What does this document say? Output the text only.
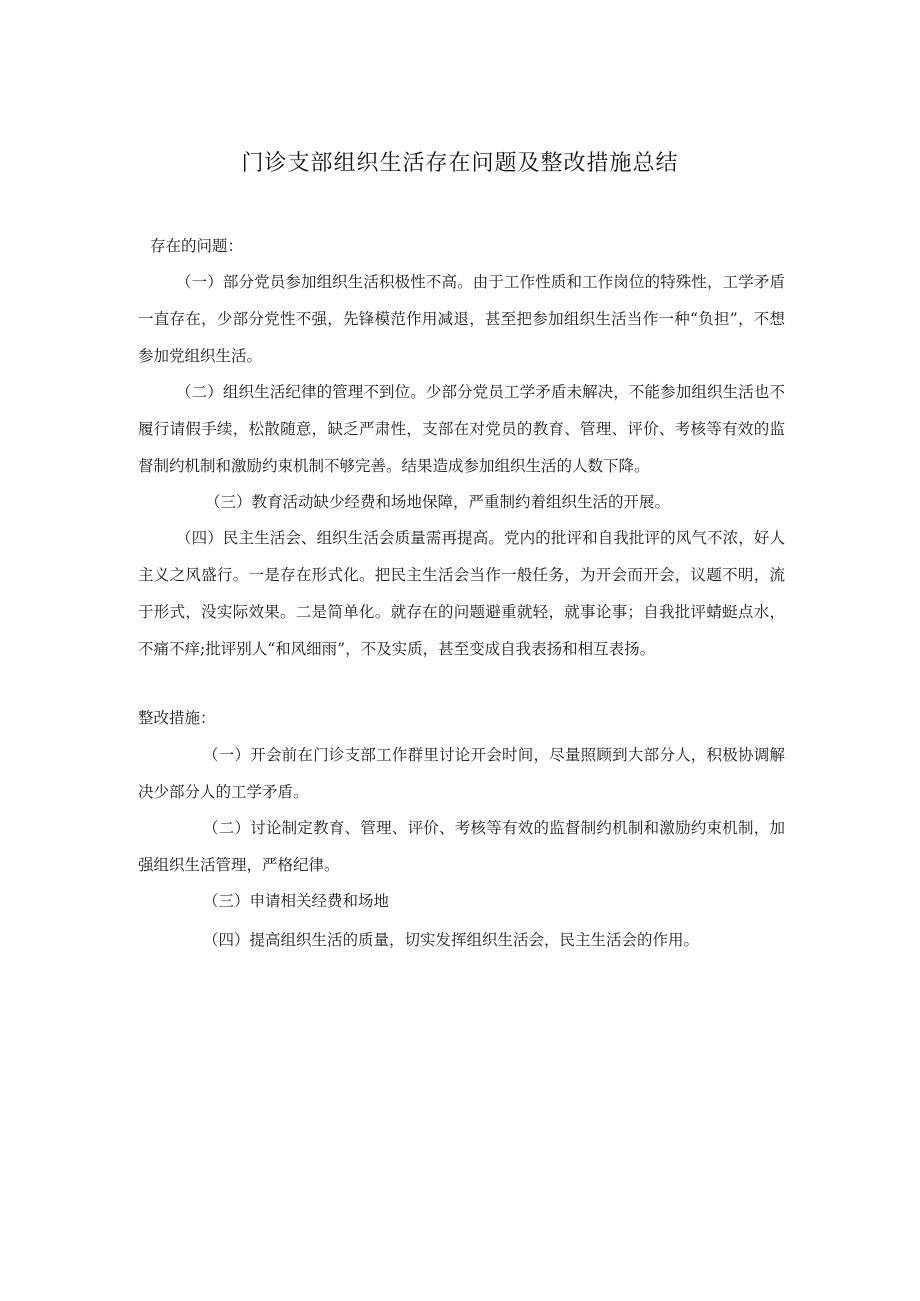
门诊支部组织生活存在问题及整改措施总结

存在的问题：

（一）部分党员参加组织生活积极性不高。由于工作性质和工作岗位的特殊性，工学矛盾一直存在，少部分党性不强，先锋模范作用减退，甚至把参加组织生活当作一种“负担”，不想参加党组织生活。

（二）组织生活纪律的管理不到位。少部分党员工学矛盾未解决，不能参加组织生活也不履行请假手续，松散随意，缺乏严肃性，支部在对党员的教育、管理、评价、考核等有效的监督制约机制和激励约束机制不够完善。结果造成参加组织生活的人数下降。

（三）教育活动缺少经费和场地保障，严重制约着组织生活的开展。

（四）民主生活会、组织生活会质量需再提高。党内的批评和自我批评的风气不浓，好人主义之风盛行。一是存在形式化。把民主生活会当作一般任务，为开会而开会，议题不明，流于形式，没实际效果。二是简单化。就存在的问题避重就轻，就事论事；自我批评蜻蜓点水，不痛不痒;批评别人“和风细雨”，不及实质，甚至变成自我表扬和相互表扬。

整改措施：

（一）开会前在门诊支部工作群里讨论开会时间，尽量照顾到大部分人，积极协调解决少部分人的工学矛盾。

（二）讨论制定教育、管理、评价、考核等有效的监督制约机制和激励约束机制，加强组织生活管理，严格纪律。

（三）申请相关经费和场地

（四）提高组织生活的质量，切实发挥组织生活会，民主生活会的作用。
